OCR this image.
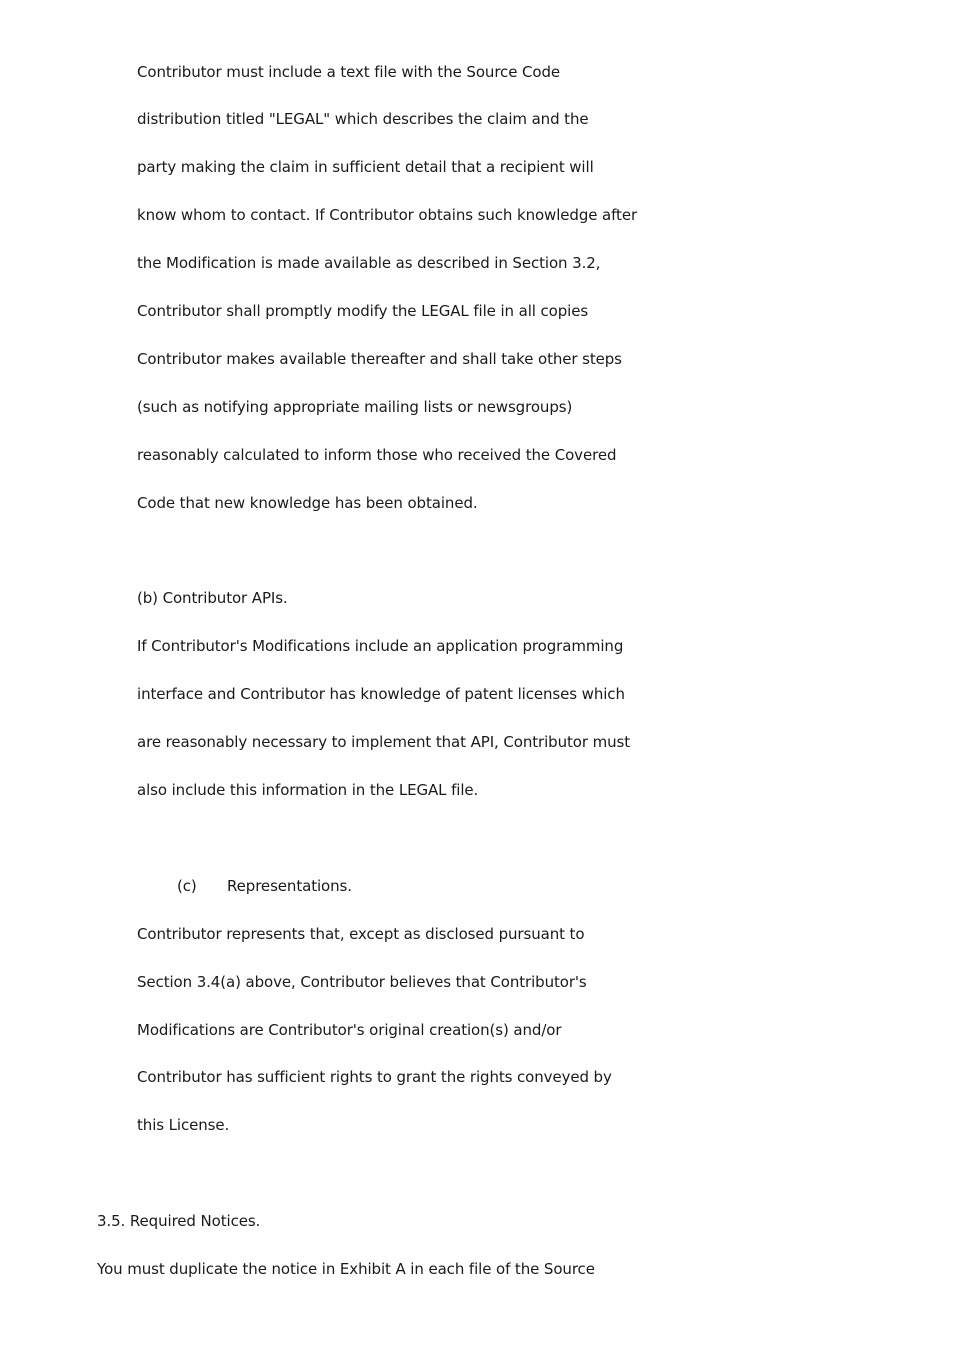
Contributor must include a text file with the Source Code
distribution titled "LEGAL" which describes the claim and the
party making the claim in sufficient detail that a recipient will
know whom to contact. If Contributor obtains such knowledge after
the Modification is made available as described in Section 3.2,
Contributor shall promptly modify the LEGAL file in all copies
Contributor makes available thereafter and shall take other steps
(such as notifying appropriate mailing lists or newsgroups)
reasonably calculated to inform those who received the Covered
Code that new knowledge has been obtained.
(b) Contributor APIs.
If Contributor's Modifications include an application programming
interface and Contributor has knowledge of patent licenses which
are reasonably necessary to implement that API, Contributor must
also include this information in the LEGAL file.
(c) Representations.
Contributor represents that, except as disclosed pursuant to
Section 3.4(a) above, Contributor believes that Contributor's
Modifications are Contributor's original creation(s) and/or
Contributor has sufficient rights to grant the rights conveyed by
this License.
3.5. Required Notices.
You must duplicate the notice in Exhibit A in each file of the Source
